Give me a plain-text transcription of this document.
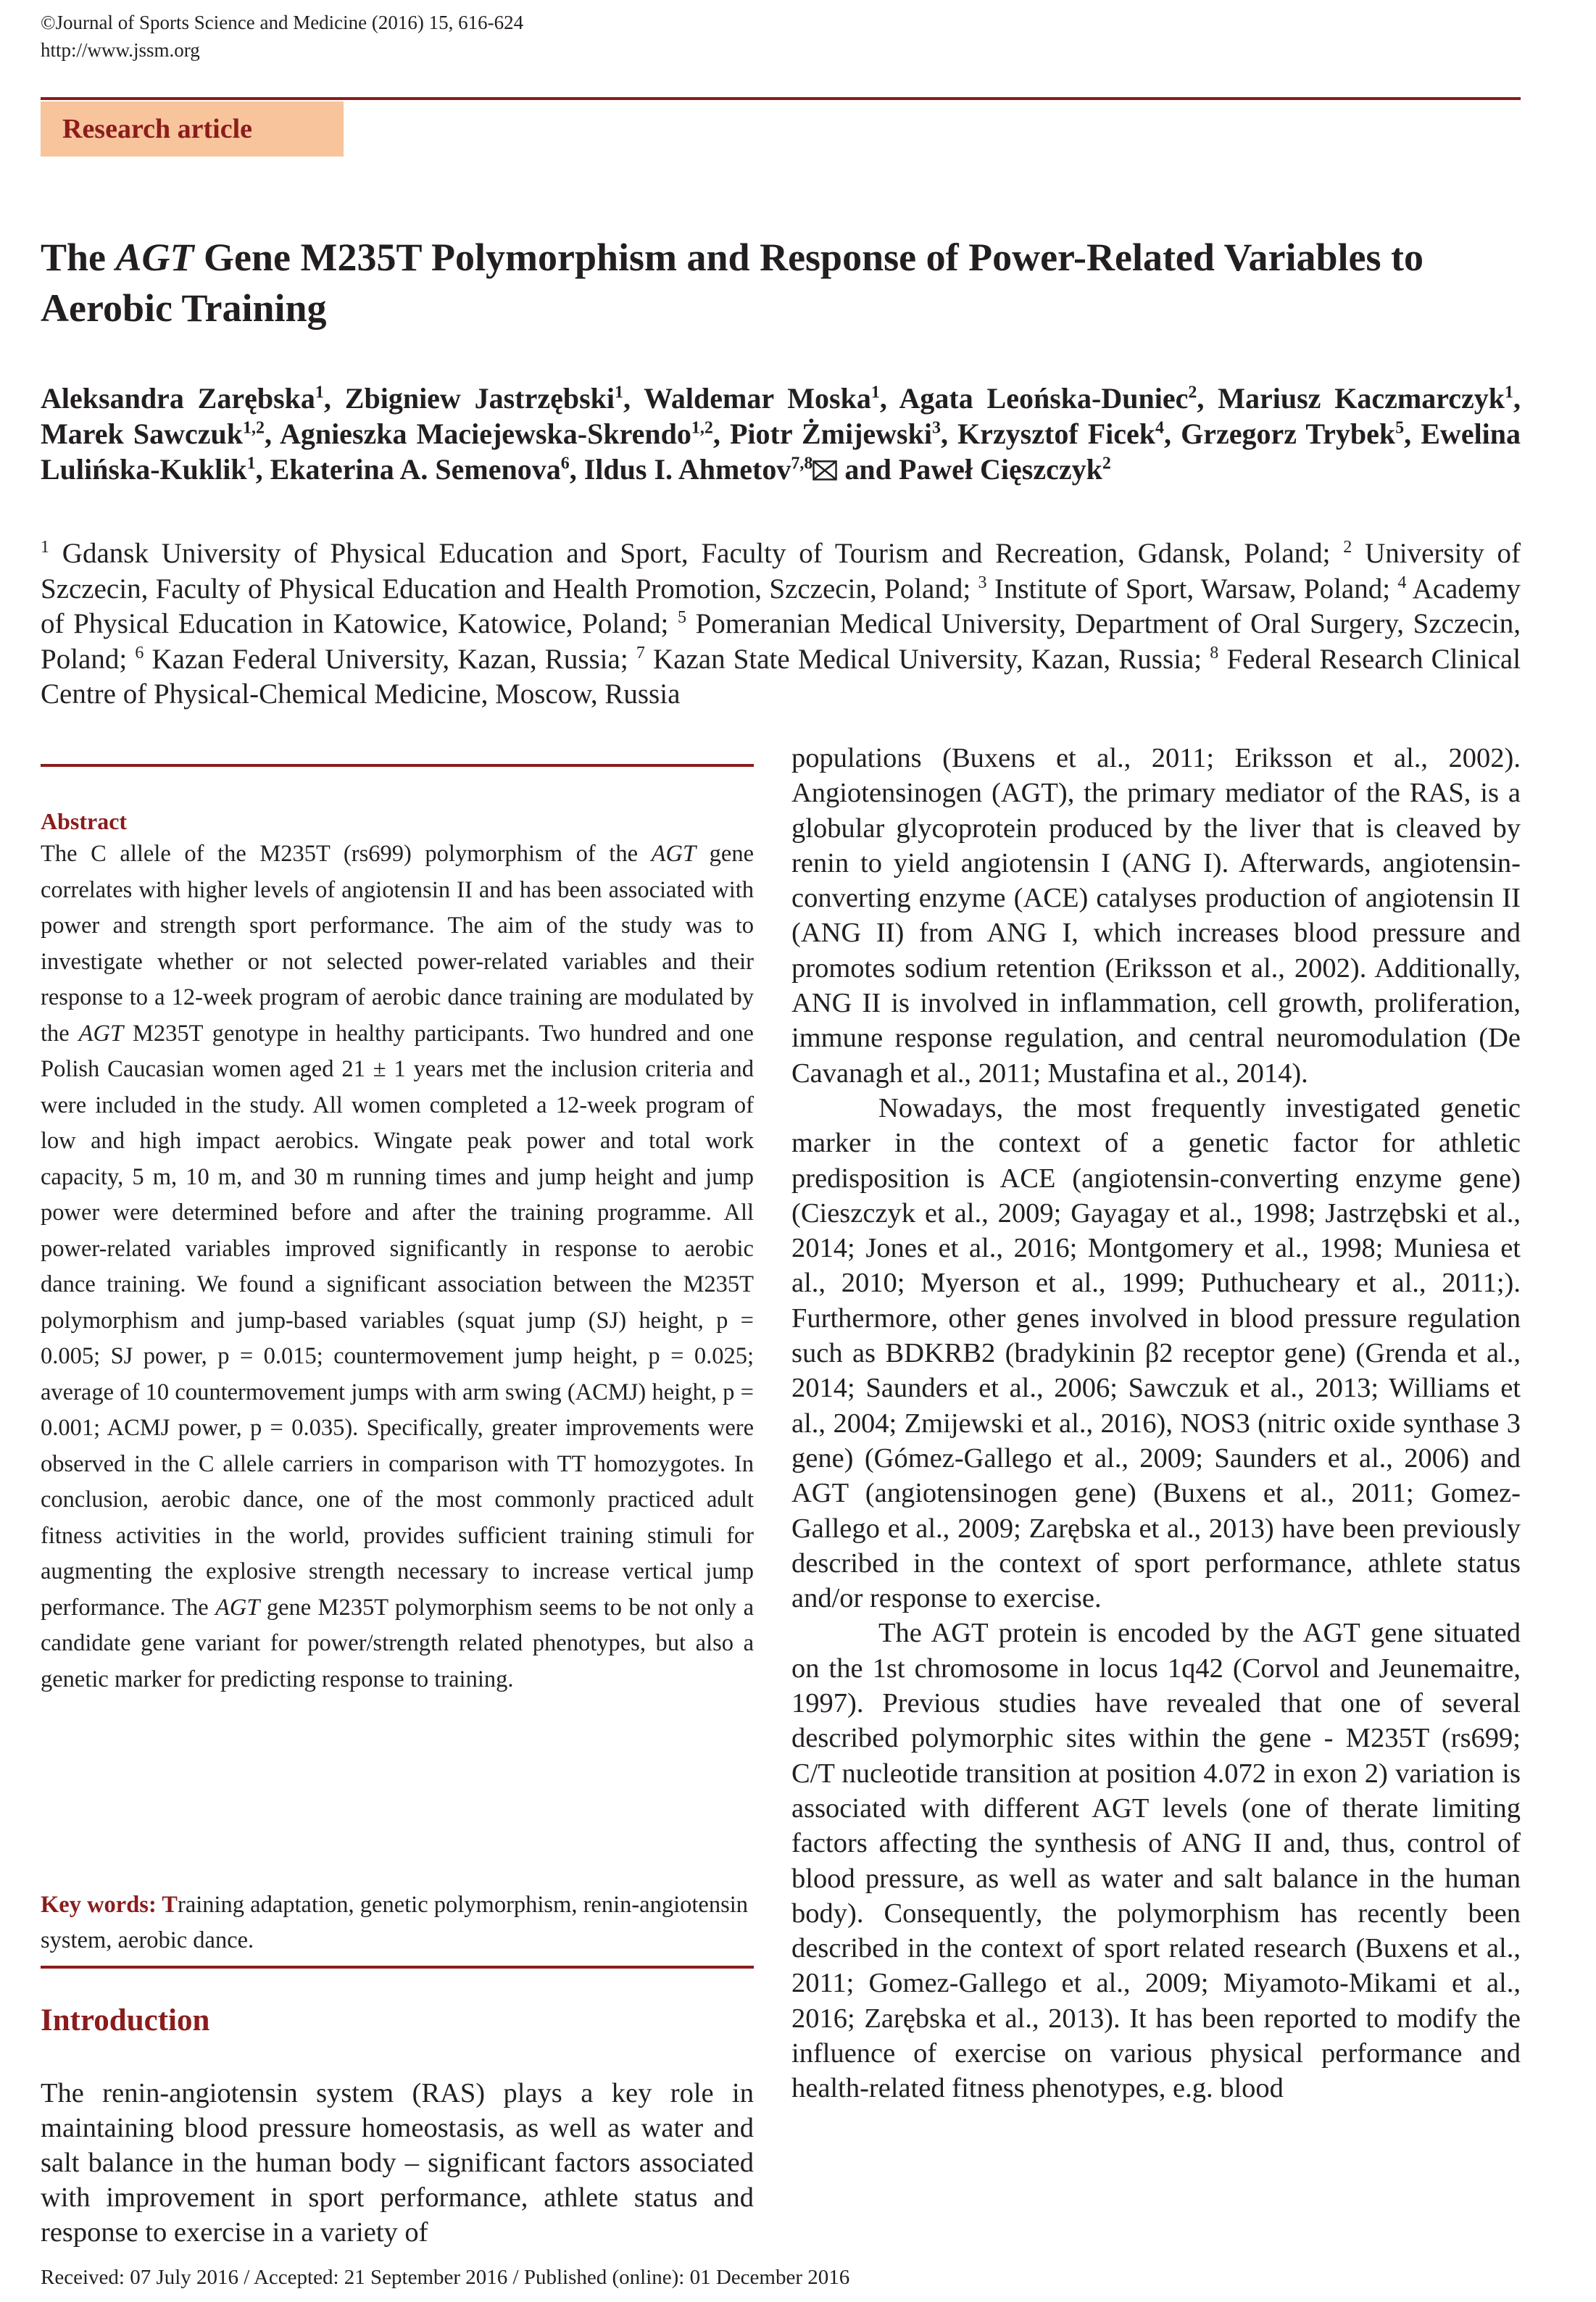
©Journal of Sports Science and Medicine (2016) 15, 616-624
http://www.jssm.org
Research article
The AGT Gene M235T Polymorphism and Response of Power-Related Variables to Aerobic Training

Aleksandra Zarębska$^1$, Zbigniew Jastrzębski$^1$, Waldemar Moska$^1$, Agata Leońska-Duniec$^2$, Mariusz Kaczmarczyk$^1$, Marek Sawczuk$^{1,2}$, Agnieszka Maciejewska-Skrendo$^{1,2}$, Piotr Żmijewski$^3$, Krzysztof Ficek$^4$, Grzegorz Trybek$^5$, Ewelina Lulińska-Kuklik$^1$, Ekaterina A. Semenova$^6$, Ildus I. Ahmetov$^{7,8}$ and Paweł Cięszczyk$^2$

$^1$ Gdansk University of Physical Education and Sport, Faculty of Tourism and Recreation, Gdansk, Poland; $^2$ University of Szczecin, Faculty of Physical Education and Health Promotion, Szczecin, Poland; $^3$ Institute of Sport, Warsaw, Poland; $^4$ Academy of Physical Education in Katowice, Katowice, Poland; $^5$ Pomeranian Medical University, Department of Oral Surgery, Szczecin, Poland; $^6$ Kazan Federal University, Kazan, Russia; $^7$ Kazan State Medical University, Kazan, Russia; $^8$ Federal Research Clinical Centre of Physical-Chemical Medicine, Moscow, Russia

Abstract

The C allele of the M235T (rs699) polymorphism of the AGT gene correlates with higher levels of angiotensin II and has been associated with power and strength sport performance. The aim of the study was to investigate whether or not selected power-related variables and their response to a 12-week program of aerobic dance training are modulated by the AGT M235T genotype in healthy participants. Two hundred and one Polish Caucasian women aged 21 ± 1 years met the inclusion criteria and were included in the study. All women completed a 12-week program of low and high impact aerobics. Wingate peak power and total work capacity, 5 m, 10 m, and 30 m running times and jump height and jump power were determined before and after the training programme. All power-related variables improved significantly in response to aerobic dance training. We found a significant association between the M235T polymorphism and jump-based variables (squat jump (SJ) height, p = 0.005; SJ power, p = 0.015; countermovement jump height, p = 0.025; average of 10 countermovement jumps with arm swing (ACMJ) height, p = 0.001; ACMJ power, p = 0.035). Specifically, greater improvements were observed in the C allele carriers in comparison with TT homozygotes. In conclusion, aerobic dance, one of the most commonly practiced adult fitness activities in the world, provides sufficient training stimuli for augmenting the explosive strength necessary to increase vertical jump performance. The AGT gene M235T polymorphism seems to be not only a candidate gene variant for power/strength related phenotypes, but also a genetic marker for predicting response to training.

Key words: Training adaptation, genetic polymorphism, renin-angiotensin system, aerobic dance.

Introduction

The renin-angiotensin system (RAS) plays a key role in maintaining blood pressure homeostasis, as well as water and salt balance in the human body – significant factors associated with improvement in sport performance, athlete status and response to exercise in a variety of

populations (Buxens et al., 2011; Eriksson et al., 2002). Angiotensinogen (AGT), the primary mediator of the RAS, is a globular glycoprotein produced by the liver that is cleaved by renin to yield angiotensin I (ANG I). Afterwards, angiotensin-converting enzyme (ACE) catalyses production of angiotensin II (ANG II) from ANG I, which increases blood pressure and promotes sodium retention (Eriksson et al., 2002). Additionally, ANG II is involved in inflammation, cell growth, proliferation, immune response regulation, and central neuromodulation (De Cavanagh et al., 2011; Mustafina et al., 2014).

Nowadays, the most frequently investigated genetic marker in the context of a genetic factor for athletic predisposition is ACE (angiotensin-converting enzyme gene) (Cieszczyk et al., 2009; Gayagay et al., 1998; Jastrzębski et al., 2014; Jones et al., 2016; Montgomery et al., 1998; Muniesa et al., 2010; Myerson et al., 1999; Puthucheary et al., 2011;). Furthermore, other genes involved in blood pressure regulation such as BDKRB2 (bradykinin β2 receptor gene) (Grenda et al., 2014; Saunders et al., 2006; Sawczuk et al., 2013; Williams et al., 2004; Zmijewski et al., 2016), NOS3 (nitric oxide synthase 3 gene) (Gómez-Gallego et al., 2009; Saunders et al., 2006) and AGT (angiotensinogen gene) (Buxens et al., 2011; Gomez-Gallego et al., 2009; Zarębska et al., 2013) have been previously described in the context of sport performance, athlete status and/or response to exercise.

The AGT protein is encoded by the AGT gene situated on the 1st chromosome in locus 1q42 (Corvol and Jeunemaitre, 1997). Previous studies have revealed that one of several described polymorphic sites within the gene - M235T (rs699; C/T nucleotide transition at position 4.072 in exon 2) variation is associated with different AGT levels (one of therate limiting factors affecting the synthesis of ANG II and, thus, control of blood pressure, as well as water and salt balance in the human body). Consequently, the polymorphism has recently been described in the context of sport related research (Buxens et al., 2011; Gomez-Gallego et al., 2009; Miyamoto-Mikami et al., 2016; Zarębska et al., 2013). It has been reported to modify the influence of exercise on various physical performance and health-related fitness phenotypes, e.g. blood

Received: 07 July 2016 / Accepted: 21 September 2016 / Published (online): 01 December 2016
